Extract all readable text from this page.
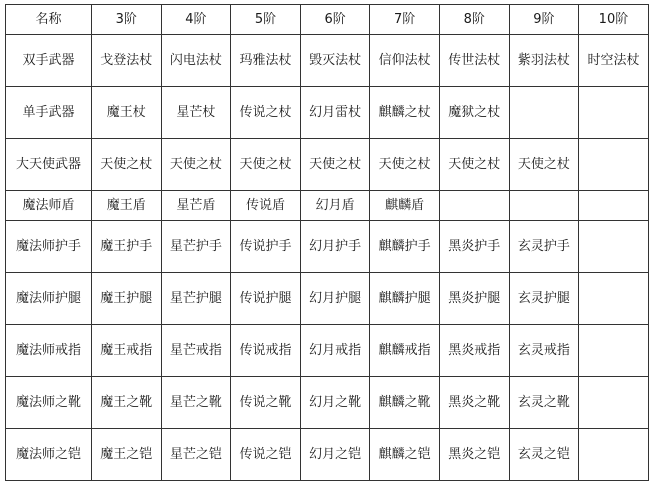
名称	3阶	4阶	5阶	6阶	7阶	8阶	9阶	10阶
双手武器	戈登法杖	闪电法杖	玛雅法杖	毁灭法杖	信仰法杖	传世法杖	紫羽法杖	时空法杖
单手武器	魔王杖	星芒杖	传说之杖	幻月雷杖	麒麟之杖	魔狱之杖		
大天使武器	天使之杖	天使之杖	天使之杖	天使之杖	天使之杖	天使之杖	天使之杖	
魔法师盾	魔王盾	星芒盾	传说盾	幻月盾	麒麟盾			
魔法师护手	魔王护手	星芒护手	传说护手	幻月护手	麒麟护手	黑炎护手	玄灵护手	
魔法师护腿	魔王护腿	星芒护腿	传说护腿	幻月护腿	麒麟护腿	黑炎护腿	玄灵护腿	
魔法师戒指	魔王戒指	星芒戒指	传说戒指	幻月戒指	麒麟戒指	黑炎戒指	玄灵戒指	
魔法师之靴	魔王之靴	星芒之靴	传说之靴	幻月之靴	麒麟之靴	黑炎之靴	玄灵之靴	
魔法师之铠	魔王之铠	星芒之铠	传说之铠	幻月之铠	麒麟之铠	黑炎之铠	玄灵之铠	
